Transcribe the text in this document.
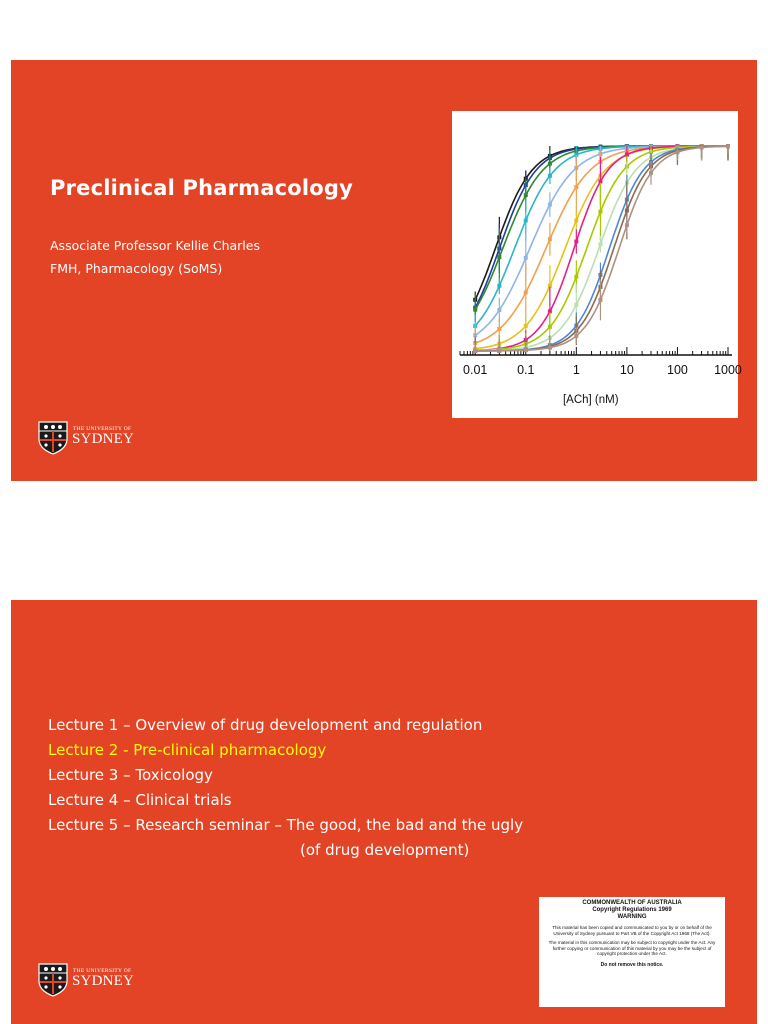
Preclinical Pharmacology
Associate Professor Kellie Charles
FMH, Pharmacology (SoMS)
0.01 0.1	1	10	100 1000
[ACh] (nM)
THE UNIVERSITY OF
SYDNEY
Lecture 1 – Overview of drug development and regulation
Lecture 2 - Pre-clinical pharmacology
Lecture 3 – Toxicology
Lecture 4 – Clinical trials
Lecture 5 – Research seminar – The good, the bad and the ugly
(of drug development)
COMMONWEALTH OF AUSTRALIA
Copyright Regulations 1969
WARNING
This material has been copied and communicated to you by or on behalf of the University of Sydney pursuant to Part VB of the Copyright Act 1968 (The Act).
The material in this communication may be subject to copyright under the Act. Any further copying or communication of this material by you may be the subject of copyright protection under the Act.
Do not remove this notice.
THE UNIVERSITY OF
SYDNEY
